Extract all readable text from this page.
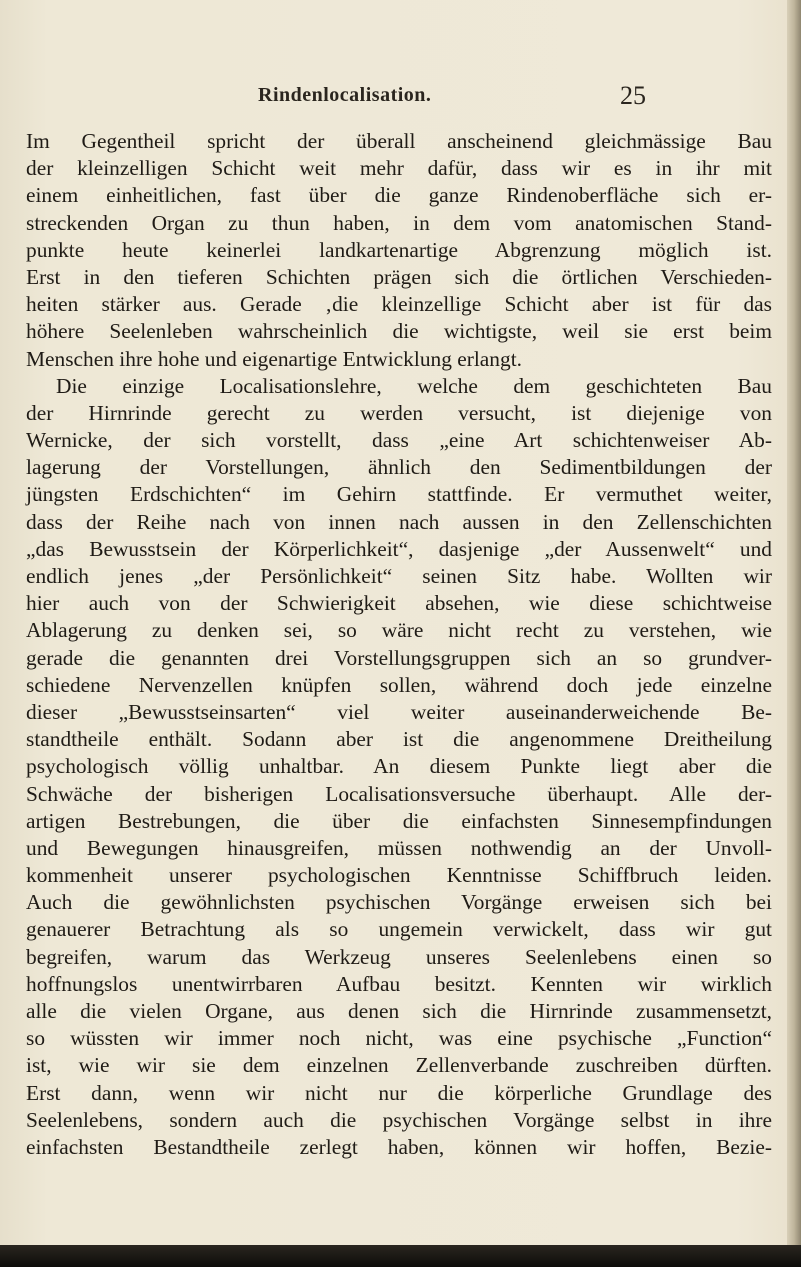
Rindenlocalisation.	25
Im Gegentheil spricht der überall anscheinend gleichmässige Bau
der kleinzelligen Schicht weit mehr dafür, dass wir es in ihr mit
einem einheitlichen, fast über die ganze Rindenoberfläche sich er-
streckenden Organ zu thun haben, in dem vom anatomischen Stand-
punkte heute keinerlei landkartenartige Abgrenzung möglich ist.
Erst in den tieferen Schichten prägen sich die örtlichen Verschieden-
heiten stärker aus. Gerade ‚die kleinzellige Schicht aber ist für das
höhere Seelenleben wahrscheinlich die wichtigste, weil sie erst beim
Menschen ihre hohe und eigenartige Entwicklung erlangt.
Die einzige Localisationslehre, welche dem geschichteten Bau
der Hirnrinde gerecht zu werden versucht, ist diejenige von
Wernicke, der sich vorstellt, dass „eine Art schichtenweiser Ab-
lagerung der Vorstellungen, ähnlich den Sedimentbildungen der
jüngsten Erdschichten“ im Gehirn stattfinde. Er vermuthet weiter,
dass der Reihe nach von innen nach aussen in den Zellenschichten
„das Bewusstsein der Körperlichkeit“, dasjenige „der Aussenwelt“ und
endlich jenes „der Persönlichkeit“ seinen Sitz habe. Wollten wir
hier auch von der Schwierigkeit absehen, wie diese schichtweise
Ablagerung zu denken sei, so wäre nicht recht zu verstehen, wie
gerade die genannten drei Vorstellungsgruppen sich an so grundver-
schiedene Nervenzellen knüpfen sollen, während doch jede einzelne
dieser „Bewusstseinsarten“ viel weiter auseinanderweichende Be-
standtheile enthält. Sodann aber ist die angenommene Dreitheilung
psychologisch völlig unhaltbar. An diesem Punkte liegt aber die
Schwäche der bisherigen Localisationsversuche überhaupt. Alle der-
artigen Bestrebungen, die über die einfachsten Sinnesempfindungen
und Bewegungen hinausgreifen, müssen nothwendig an der Unvoll-
kommenheit unserer psychologischen Kenntnisse Schiffbruch leiden.
Auch die gewöhnlichsten psychischen Vorgänge erweisen sich bei
genauerer Betrachtung als so ungemein verwickelt, dass wir gut
begreifen, warum das Werkzeug unseres Seelenlebens einen so
hoffnungslos unentwirrbaren Aufbau besitzt. Kennten wir wirklich
alle die vielen Organe, aus denen sich die Hirnrinde zusammensetzt,
so wüssten wir immer noch nicht, was eine psychische „Function“
ist, wie wir sie dem einzelnen Zellenverbande zuschreiben dürften.
Erst dann, wenn wir nicht nur die körperliche Grundlage des
Seelenlebens, sondern auch die psychischen Vorgänge selbst in ihre
einfachsten Bestandtheile zerlegt haben, können wir hoffen, Bezie-
